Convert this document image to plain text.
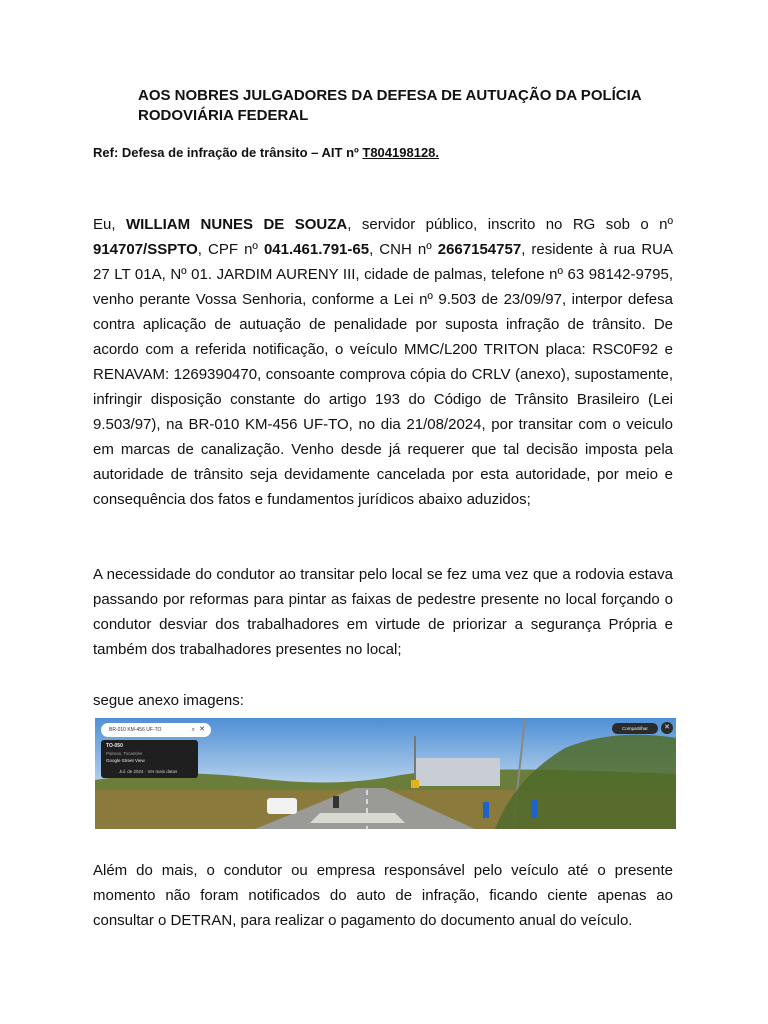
AOS NOBRES JULGADORES DA DEFESA DE AUTUAÇÃO DA POLÍCIA RODOVIÁRIA FEDERAL

Ref: Defesa de infração de trânsito – AIT nº T804198128.

Eu, WILLIAM NUNES DE SOUZA, servidor público, inscrito no RG sob o nº 914707/SSPTO, CPF nº 041.461.791-65, CNH nº 2667154757, residente à rua RUA 27 LT 01A, Nº 01. JARDIM AURENY III, cidade de palmas, telefone nº 63 98142-9795, venho perante Vossa Senhoria, conforme a Lei nº 9.503 de 23/09/97, interpor defesa contra aplicação de autuação de penalidade por suposta infração de trânsito. De acordo com a referida notificação, o veículo MMC/L200 TRITON placa: RSC0F92 e RENAVAM: 1269390470, consoante comprova cópia do CRLV (anexo), supostamente, infringir disposição constante do artigo 193 do Código de Trânsito Brasileiro (Lei 9.503/97), na BR-010 KM-456 UF-TO, no dia 21/08/2024, por transitar com o veiculo em marcas de canalização. Venho desde já requerer que tal decisão imposta pela autoridade de trânsito seja devidamente cancelada por esta autoridade, por meio e consequência dos fatos e fundamentos jurídicos abaixo aduzidos;

A necessidade do condutor ao transitar pelo local se fez uma vez que a rodovia estava passando por reformas para pintar as faixas de pedestre presente no local forçando o condutor desviar dos trabalhadores em virtude de priorizar a segurança Própria e também dos trabalhadores presentes no local;

segue anexo imagens:

BR-010 KM-456 UF-TO	⌕ ✕
TO-050
Palmas, Tocantins
Google Street View
Jul. de 2024 · Ver mais datas
Compartilhar	✕

Além do mais, o condutor ou empresa responsável pelo veículo até o presente momento não foram notificados do auto de infração, ficando ciente apenas ao consultar o DETRAN, para realizar o pagamento do documento anual do veículo.
